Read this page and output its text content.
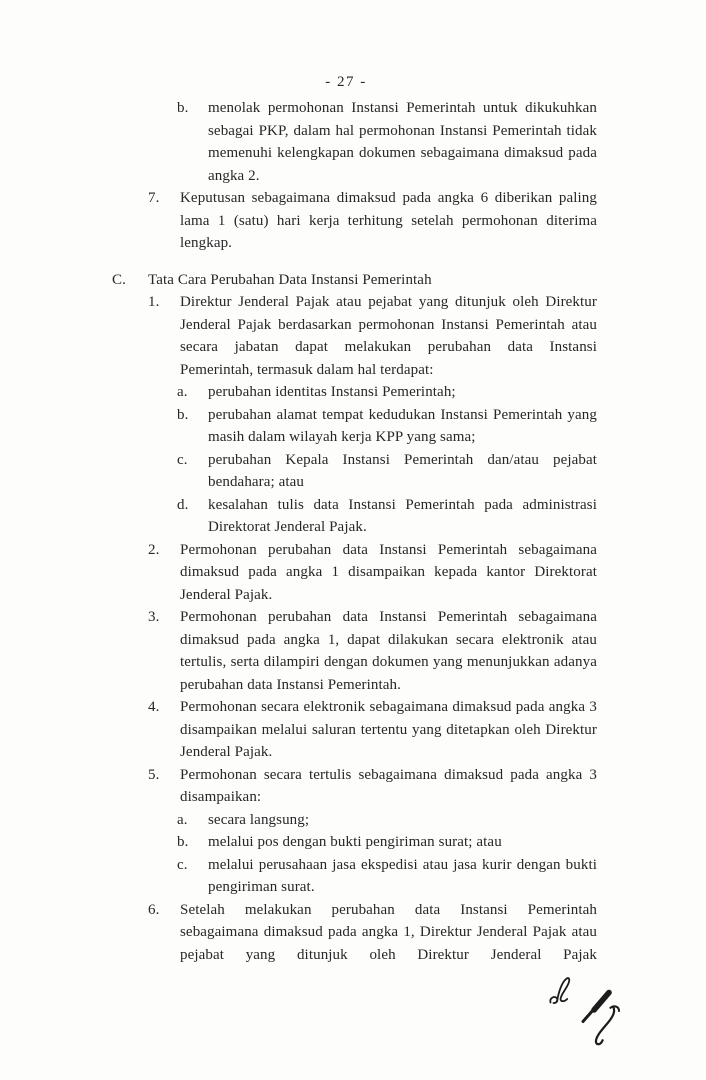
- 27 -
b.	menolak permohonan Instansi Pemerintah untuk dikukuhkan sebagai PKP, dalam hal permohonan Instansi Pemerintah tidak memenuhi kelengkapan dokumen sebagaimana dimaksud pada angka 2.
7.	Keputusan sebagaimana dimaksud pada angka 6 diberikan paling lama 1 (satu) hari kerja terhitung setelah permohonan diterima lengkap.
C.	Tata Cara Perubahan Data Instansi Pemerintah
1.	Direktur Jenderal Pajak atau pejabat yang ditunjuk oleh Direktur Jenderal Pajak berdasarkan permohonan Instansi Pemerintah atau secara jabatan dapat melakukan perubahan data Instansi Pemerintah, termasuk dalam hal terdapat:
a.	perubahan identitas Instansi Pemerintah;
b.	perubahan alamat tempat kedudukan Instansi Pemerintah yang masih dalam wilayah kerja KPP yang sama;
c.	perubahan Kepala Instansi Pemerintah dan/atau pejabat bendahara; atau
d.	kesalahan tulis data Instansi Pemerintah pada administrasi Direktorat Jenderal Pajak.
2.	Permohonan perubahan data Instansi Pemerintah sebagaimana dimaksud pada angka 1 disampaikan kepada kantor Direktorat Jenderal Pajak.
3.	Permohonan perubahan data Instansi Pemerintah sebagaimana dimaksud pada angka 1, dapat dilakukan secara elektronik atau tertulis, serta dilampiri dengan dokumen yang menunjukkan adanya perubahan data Instansi Pemerintah.
4.	Permohonan secara elektronik sebagaimana dimaksud pada angka 3 disampaikan melalui saluran tertentu yang ditetapkan oleh Direktur Jenderal Pajak.
5.	Permohonan secara tertulis sebagaimana dimaksud pada angka 3 disampaikan:
a.	secara langsung;
b.	melalui pos dengan bukti pengiriman surat; atau
c.	melalui perusahaan jasa ekspedisi atau jasa kurir dengan bukti pengiriman surat.
6.	Setelah melakukan perubahan data Instansi Pemerintah sebagaimana dimaksud pada angka 1, Direktur Jenderal Pajak atau pejabat yang ditunjuk oleh Direktur Jenderal Pajak
